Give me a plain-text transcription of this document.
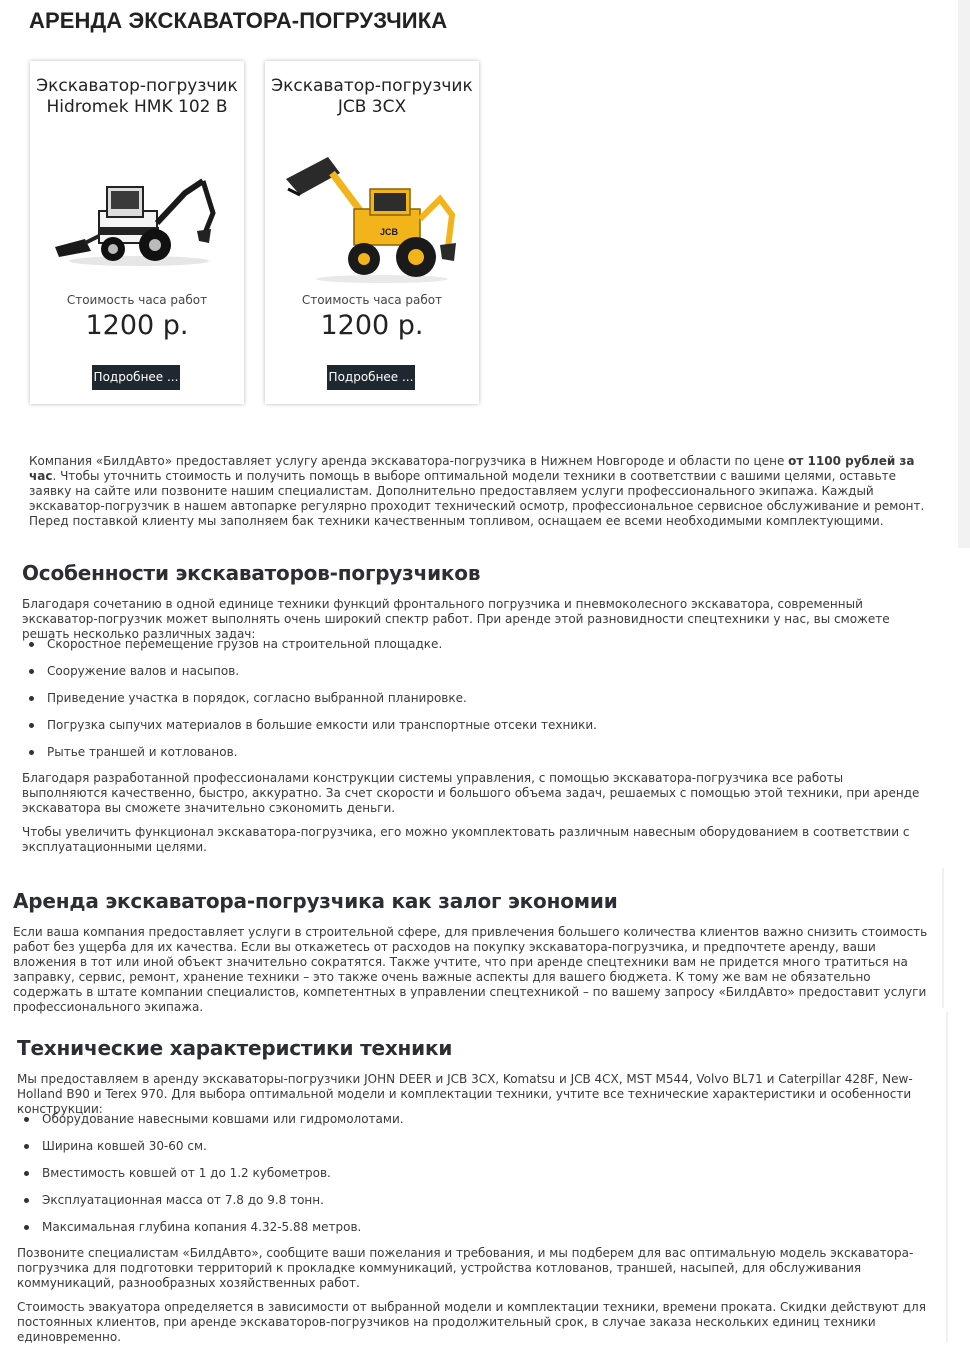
АРЕНДА ЭКСКАВАТОРА-ПОГРУЗЧИКА
Экскаватор-погрузчик
Hidromek HMK 102 B
Стоимость часа работ
1200 р.
Подробнее ...
Экскаватор-погрузчик
JCB 3CX
JCB
Стоимость часа работ
1200 р.
Подробнее ...

Компания «БилдАвто» предоставляет услугу аренда экскаватора-погрузчика в Нижнем Новгороде и области по цене от 1100 рублей за час. Чтобы уточнить стоимость и получить помощь в выборе оптимальной модели техники в соответствии с вашими целями, оставьте заявку на сайте или позвоните нашим специалистам. Дополнительно предоставляем услуги профессионального экипажа. Каждый экскаватор-погрузчик в нашем автопарке регулярно проходит технический осмотр, профессиональное сервисное обслуживание и ремонт. Перед поставкой клиенту мы заполняем бак техники качественным топливом, оснащаем ее всеми необходимыми комплектующими.

Особенности экскаваторов-погрузчиков

Благодаря сочетанию в одной единице техники функций фронтального погрузчика и пневмоколесного экскаватора, современный экскаватор-погрузчик может выполнять очень широкий спектр работ. При аренде этой разновидности спецтехники у нас, вы сможете решать несколько различных задач:

Скоростное перемещение грузов на строительной площадке.
Сооружение валов и насыпов.
Приведение участка в порядок, согласно выбранной планировке.
Погрузка сыпучих материалов в большие емкости или транспортные отсеки техники.
Рытье траншей и котлованов.

Благодаря разработанной профессионалами конструкции системы управления, с помощью экскаватора-погрузчика все работы выполняются качественно, быстро, аккуратно. За счет скорости и большого объема задач, решаемых с помощью этой техники, при аренде экскаватора вы сможете значительно сэкономить деньги.

Чтобы увеличить функционал экскаватора-погрузчика, его можно укомплектовать различным навесным оборудованием в соответствии с эксплуатационными целями.

Аренда экскаватора-погрузчика как залог экономии

Если ваша компания предоставляет услуги в строительной сфере, для привлечения большего количества клиентов важно снизить стоимость работ без ущерба для их качества. Если вы откажетесь от расходов на покупку экскаватора-погрузчика, и предпочтете аренду, ваши вложения в тот или иной объект значительно сократятся. Также учтите, что при аренде спецтехники вам не придется много тратиться на заправку, сервис, ремонт, хранение техники – это также очень важные аспекты для вашего бюджета. К тому же вам не обязательно содержать в штате компании специалистов, компетентных в управлении спецтехникой – по вашему запросу «БилдАвто» предоставит услуги профессионального экипажа.

Технические характеристики техники

Мы предоставляем в аренду экскаваторы-погрузчики JOHN DEER и JCB 3CX, Komatsu и JCB 4CX, MST M544, Volvo BL71 и Caterpillar 428F, New-Holland B90 и Terex 970. Для выбора оптимальной модели и комплектации техники, учтите все технические характеристики и особенности конструкции:

Оборудование навесными ковшами или гидромолотами.
Ширина ковшей 30-60 см.
Вместимость ковшей от 1 до 1.2 кубометров.
Эксплуатационная масса от 7.8 до 9.8 тонн.
Максимальная глубина копания 4.32-5.88 метров.

Позвоните специалистам «БилдАвто», сообщите ваши пожелания и требования, и мы подберем для вас оптимальную модель экскаватора-погрузчика для подготовки территорий к прокладке коммуникаций, устройства котлованов, траншей, насыпей, для обслуживания коммуникаций, разнообразных хозяйственных работ.

Стоимость эвакуатора определяется в зависимости от выбранной модели и комплектации техники, времени проката. Скидки действуют для постоянных клиентов, при аренде экскаваторов-погрузчиков на продолжительный срок, в случае заказа нескольких единиц техники единовременно.
